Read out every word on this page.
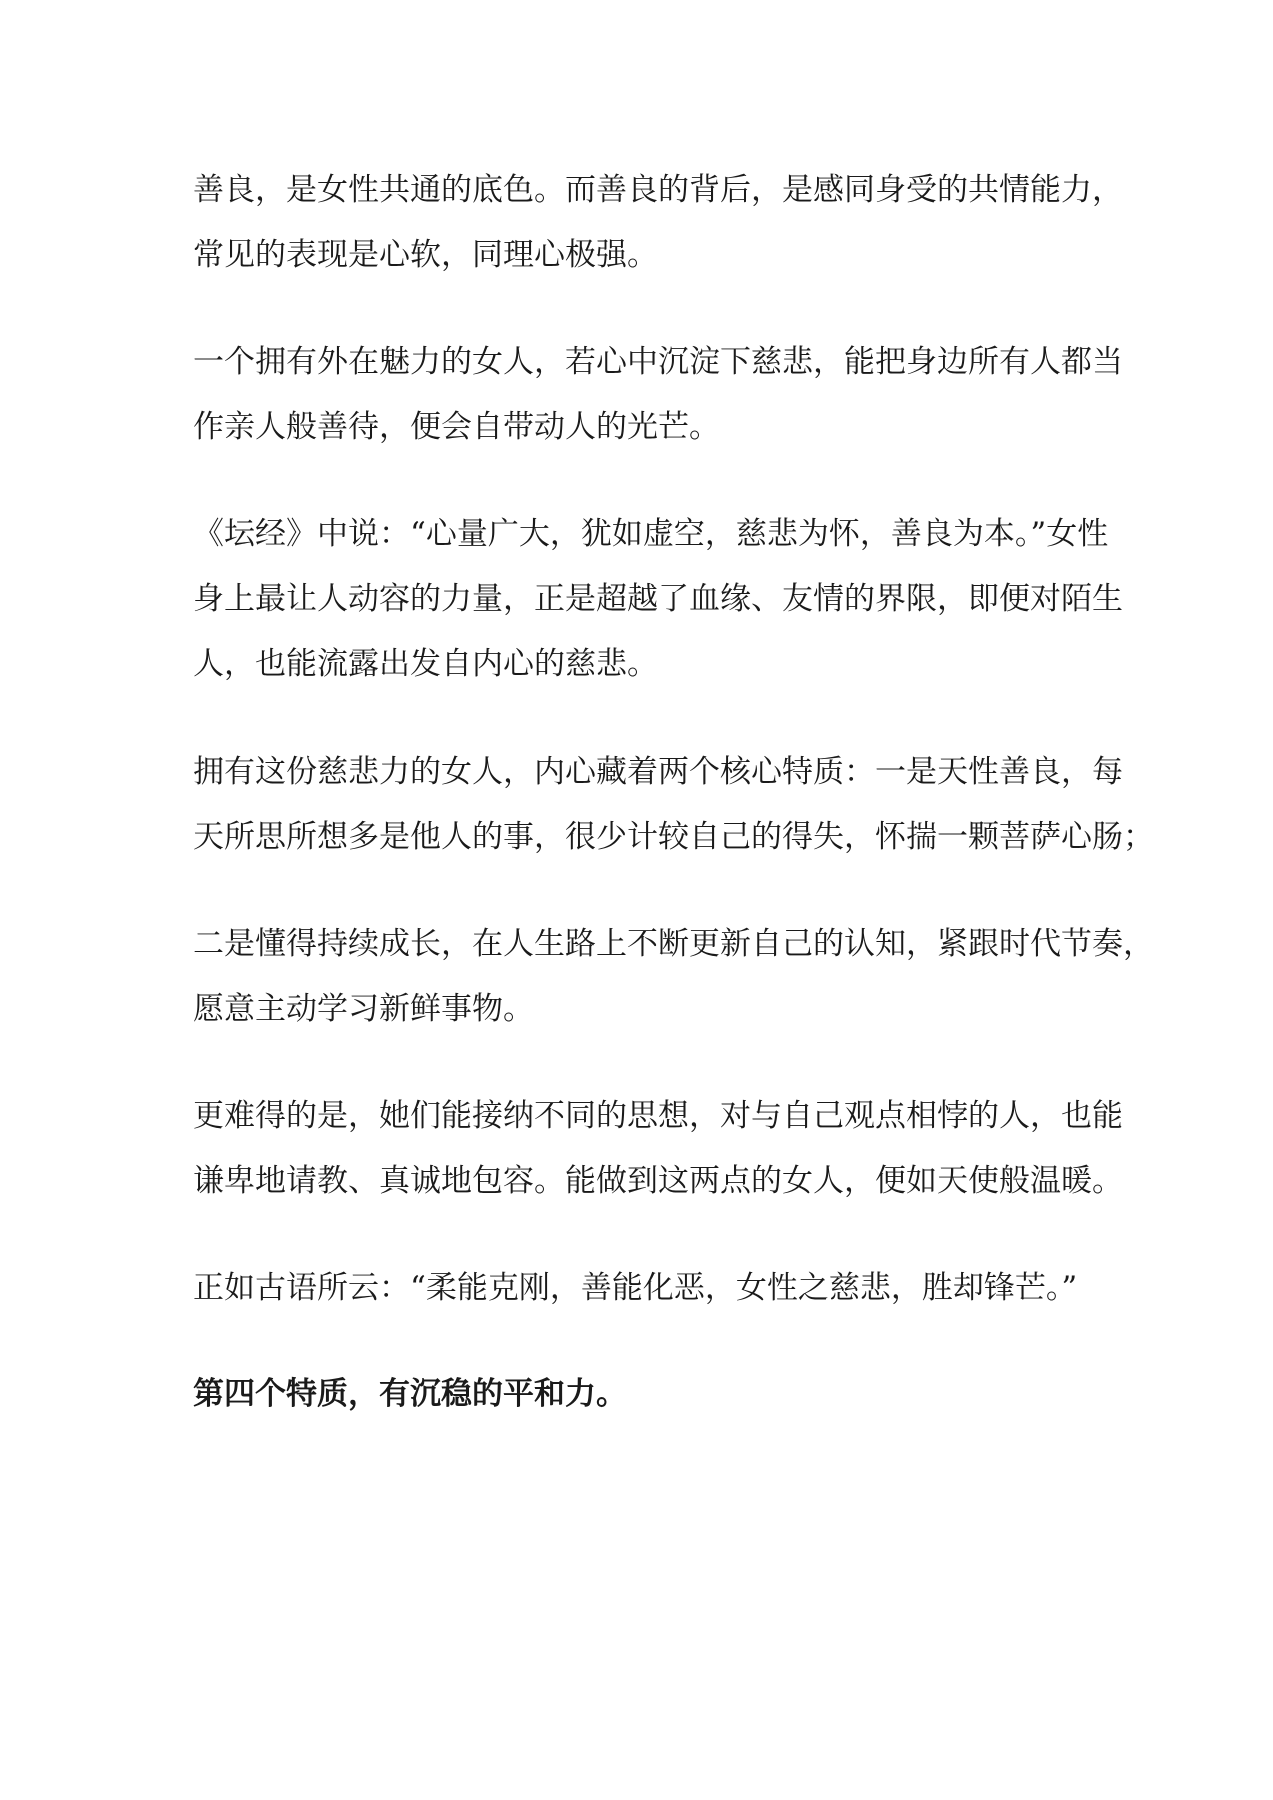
善良，是女性共通的底色。而善良的背后，是感同身受的共情能力，
常见的表现是心软，同理心极强。

一个拥有外在魅力的女人，若心中沉淀下慈悲，能把身边所有人都当
作亲人般善待，便会自带动人的光芒。

《坛经》中说：“心量广大，犹如虚空，慈悲为怀，善良为本。”女性
身上最让人动容的力量，正是超越了血缘、友情的界限，即便对陌生
人，也能流露出发自内心的慈悲。

拥有这份慈悲力的女人，内心藏着两个核心特质：一是天性善良，每
天所思所想多是他人的事，很少计较自己的得失，怀揣一颗菩萨心肠；

二是懂得持续成长，在人生路上不断更新自己的认知，紧跟时代节奏，
愿意主动学习新鲜事物。

更难得的是，她们能接纳不同的思想，对与自己观点相悖的人，也能
谦卑地请教、真诚地包容。能做到这两点的女人，便如天使般温暖。

正如古语所云：“柔能克刚，善能化恶，女性之慈悲，胜却锋芒。”

第四个特质，有沉稳的平和力。
